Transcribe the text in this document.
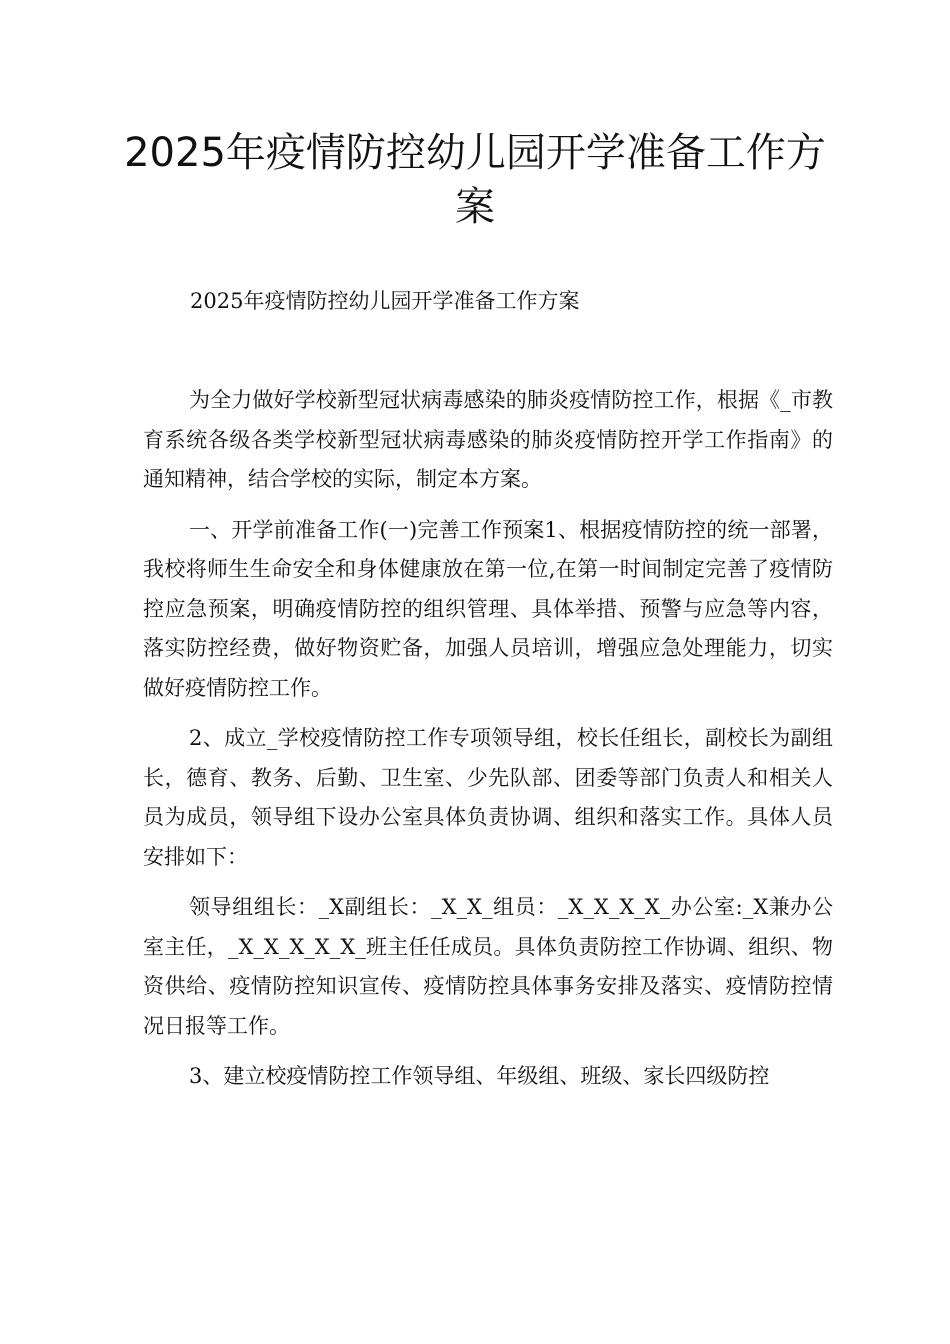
2025年疫情防控幼儿园开学准备工作方案

2025年疫情防控幼儿园开学准备工作方案

为全力做好学校新型冠状病毒感染的肺炎疫情防控工作，根据《_市教育系统各级各类学校新型冠状病毒感染的肺炎疫情防控开学工作指南》的通知精神，结合学校的实际，制定本方案。

一、开学前准备工作(一)完善工作预案1、根据疫情防控的统一部署，我校将师生生命安全和身体健康放在第一位,在第一时间制定完善了疫情防控应急预案，明确疫情防控的组织管理、具体举措、预警与应急等内容，落实防控经费，做好物资贮备，加强人员培训，增强应急处理能力，切实做好疫情防控工作。

2、成立_学校疫情防控工作专项领导组，校长任组长，副校长为副组长，德育、教务、后勤、卫生室、少先队部、团委等部门负责人和相关人员为成员，领导组下设办公室具体负责协调、组织和落实工作。具体人员安排如下：

领导组组长：_X副组长：_X_X_组员：_X_X_X_X_办公室:_X兼办公室主任，_X_X_X_X_X_班主任任成员。具体负责防控工作协调、组织、物资供给、疫情防控知识宣传、疫情防控具体事务安排及落实、疫情防控情况日报等工作。

3、建立校疫情防控工作领导组、年级组、班级、家长四级防控
